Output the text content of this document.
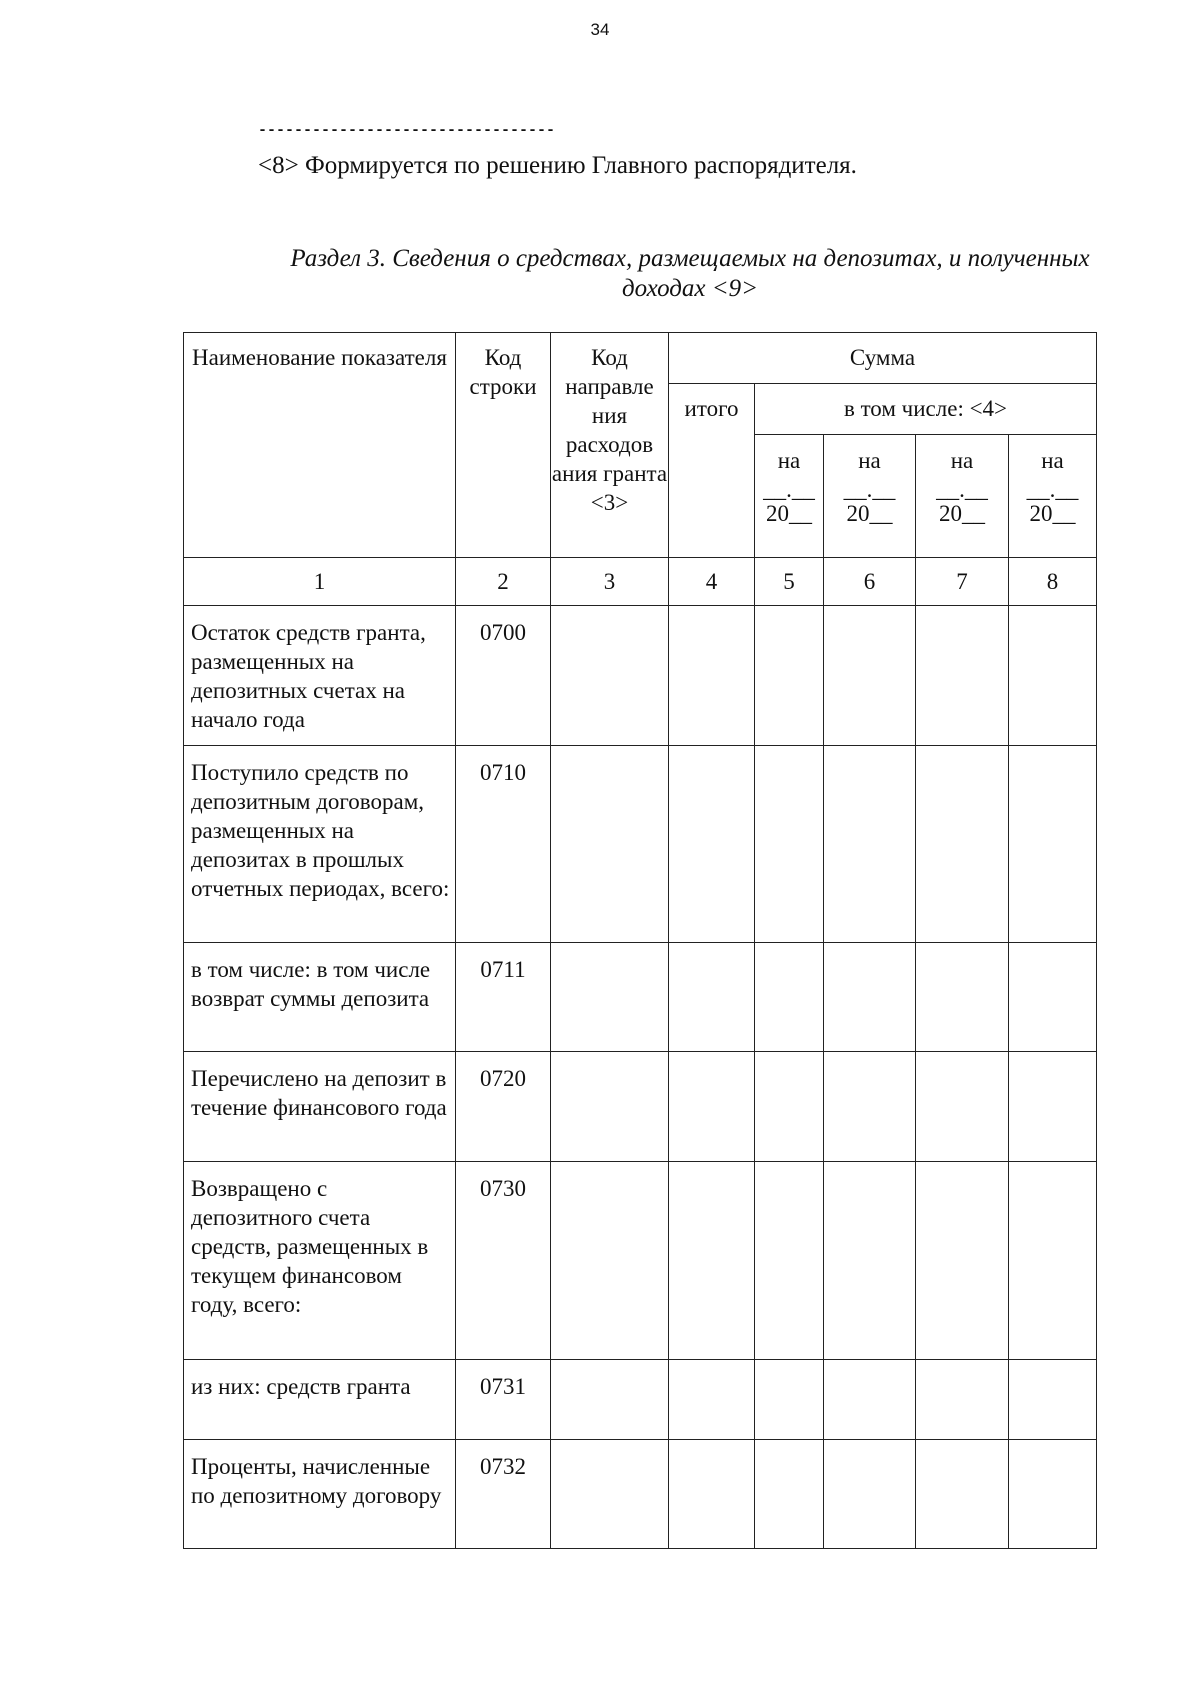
34
---------------------------------
<8> Формируется по решению Главного распорядителя.
Раздел 3. Сведения о средствах, размещаемых на депозитах, и полученных
доходах <9>
Наименование показателя	Код строки	Код направле ния расходов ания гранта <3>	Сумма				
			итого	в том числе: <4>			
				на
__.__
20__	на
__.__
20__	на
__.__
20__	на
__.__
20__

1	2	3	4	5	6	7	8
Остаток средств гранта, размещенных на депозитных счетах на начало года	0700						
Поступило средств по депозитным договорам, размещенных на депозитах в прошлых отчетных периодах, всего:	0710						
в том числе: в том числе возврат суммы депозита	0711						
Перечислено на депозит в течение финансового года	0720						
Возвращено с депозитного счета средств, размещенных в текущем финансовом году, всего:	0730						
из них: средств гранта	0731						
Проценты, начисленные по депозитному договору	0732						
